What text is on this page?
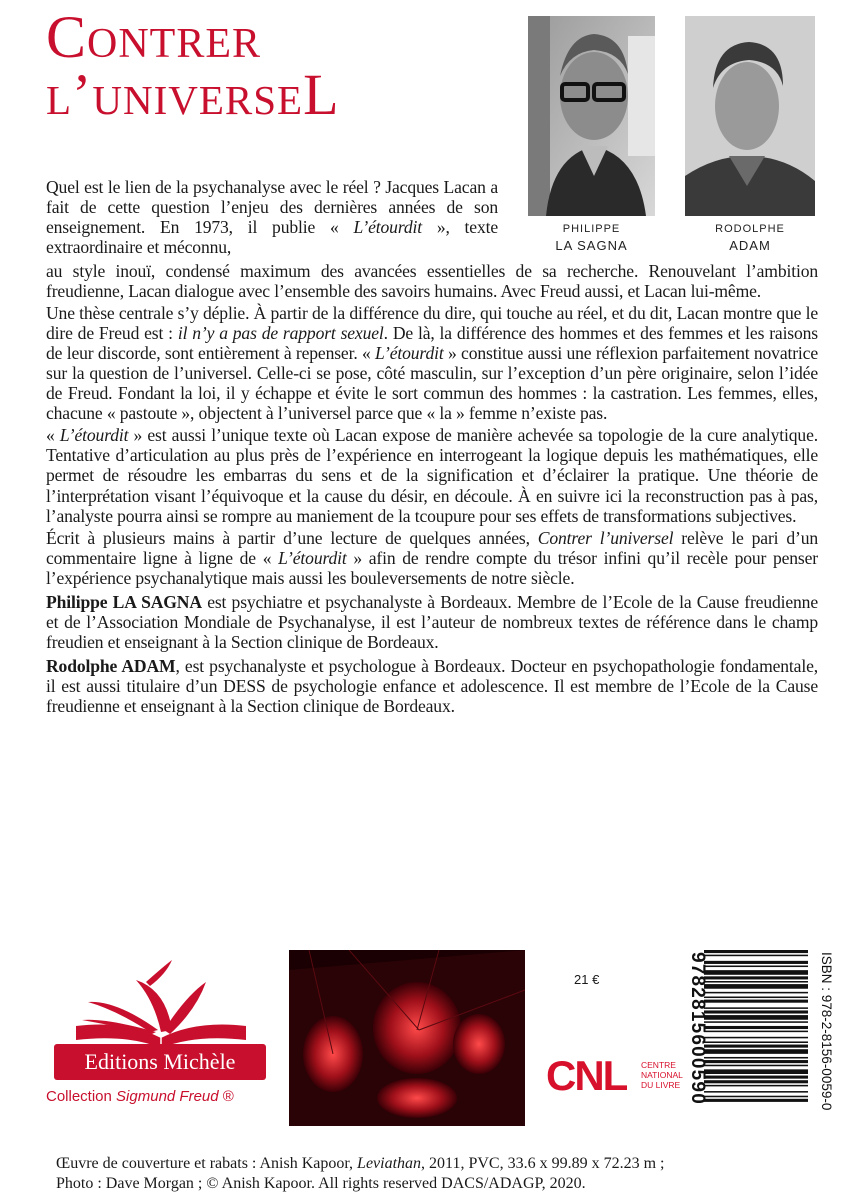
Contrer
l’universeL
PHILIPPE
LA SAGNA
RODOLPHE
ADAM
Quel est le lien de la psychanalyse avec le réel ? Jacques Lacan a fait de cette question l’enjeu des dernières années de son enseignement. En 1973, il publie « L’étourdit », texte extraordinaire et méconnu,

au style inouï, condensé maximum des avancées essentielles de sa recherche. Renouvelant l’ambition freudienne, Lacan dialogue avec l’ensemble des savoirs humains. Avec Freud aussi, et Lacan lui-même.

Une thèse centrale s’y déplie. À partir de la différence du dire, qui touche au réel, et du dit, Lacan montre que le dire de Freud est : il n’y a pas de rapport sexuel. De là, la différence des hommes et des femmes et les raisons de leur discorde, sont entièrement à repenser. « L’étourdit » constitue aussi une réflexion parfaitement novatrice sur la question de l’universel. Celle-ci se pose, côté masculin, sur l’exception d’un père originaire, selon l’idée de Freud. Fondant la loi, il y échappe et évite le sort commun des hommes : la castration. Les femmes, elles, chacune « pastoute », objectent à l’universel parce que « la » femme n’existe pas.

« L’étourdit » est aussi l’unique texte où Lacan expose de manière achevée sa topologie de la cure analytique. Tentative d’articulation au plus près de l’expérience en interrogeant la logique depuis les mathématiques, elle permet de résoudre les embarras du sens et de la signification et d’éclairer la pratique. Une théorie de l’interprétation visant l’équivoque et la cause du désir, en découle. À en suivre ici la reconstruction pas à pas, l’analyste pourra ainsi se rompre au maniement de la tcoupure pour ses effets de transformations subjectives.

Écrit à plusieurs mains à partir d’une lecture de quelques années, Contrer l’universel relève le pari d’un commentaire ligne à ligne de « L’étourdit » afin de rendre compte du trésor infini qu’il recèle pour penser l’expérience psychanalytique mais aussi les bouleversements de notre siècle.

Philippe LA SAGNA est psychiatre et psychanalyste à Bordeaux. Membre de l’Ecole de la Cause freudienne et de l’Association Mondiale de Psychanalyse, il est l’auteur de nombreux textes de référence dans le champ freudien et enseignant à la Section clinique de Bordeaux.

Rodolphe ADAM, est psychanalyste et psychologue à Bordeaux. Docteur en psychopathologie fondamentale, il est aussi titulaire d’un DESS de psychologie enfance et adolescence. Il est membre de l’Ecole de la Cause freudienne et enseignant à la Section clinique de Bordeaux.

Editions Michèle
Collection Sigmund Freud ®
21 €
CNL CENTRE
NATIONAL
DU LIVRE 9782815600590	ISBN : 978-2-8156-0059-0
Œuvre de couverture et rabats : Anish Kapoor, Leviathan, 2011, PVC, 33.6 x 99.89 x 72.23 m ;
Photo : Dave Morgan ; © Anish Kapoor. All rights reserved DACS/ADAGP, 2020.
